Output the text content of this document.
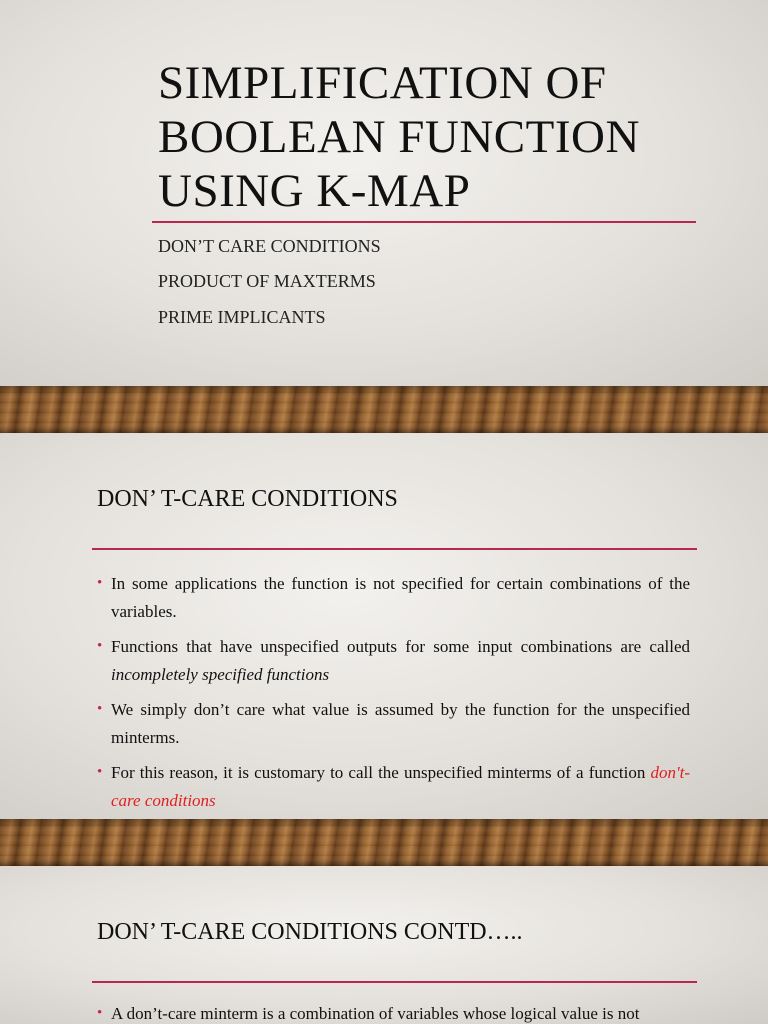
SIMPLIFICATION OF
BOOLEAN FUNCTION
USING K-MAP
DON’T CARE CONDITIONS
PRODUCT OF MAXTERMS
PRIME IMPLICANTS
DON’ T-CARE CONDITIONS
• In some applications the function is not specified for certain combinations of the variables.
• Functions that have unspecified outputs for some input combinations are called incompletely specified functions
• We simply don’t care what value is assumed by the function for the unspecified minterms.
• For this reason, it is customary to call the unspecified minterms of a function don't-care conditions
DON’ T-CARE CONDITIONS CONTD…..
• A don’t-care minterm is a combination of variables whose logical value is not
